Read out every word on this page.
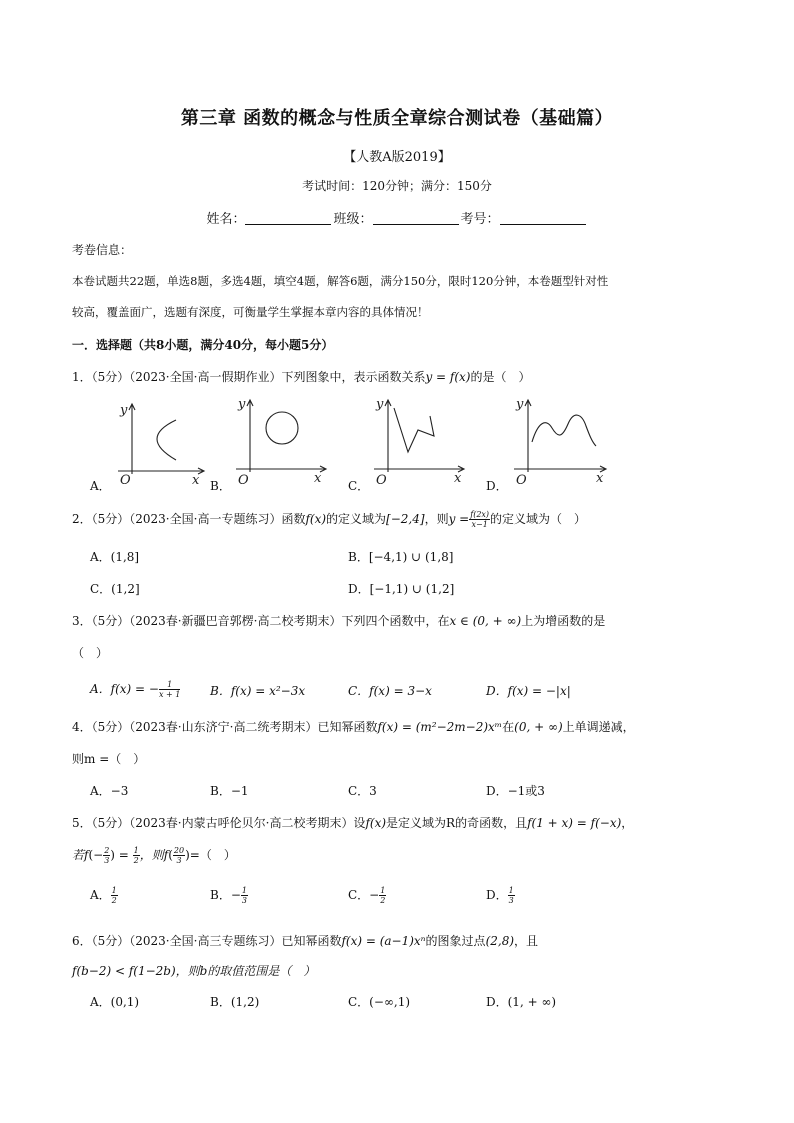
第三章 函数的概念与性质全章综合测试卷（基础篇）
【人教A版2019】
考试时间：120分钟；满分：150分
姓名：	班级：	考号：
考卷信息：
本卷试题共22题，单选8题，多选4题，填空4题，解答6题，满分150分，限时120分钟，本卷题型针对性
较高，覆盖面广，选题有深度，可衡量学生掌握本章内容的具体情况！
一．选择题（共8小题，满分40分，每小题5分）
1．（5分）（2023·全国·高一假期作业）下列图象中，表示函数关系y = f(x)的是（　）
y
x
O
y
x
O
y
x
O
y
x
O
A．	B．	C．	D．
2．（5分）（2023·全国·高一专题练习）函数f(x)的定义域为[−2,4]，则$y = \frac{f(2x)}{x-1}$ 的定义域为（　）
A．(1,8]	B．[−4,1) ∪ (1,8]
C．(1,2]	D．[−1,1) ∪ (1,2]
3．（5分）（2023春·新疆巴音郭楞·高二校考期末）下列四个函数中，在x ∈ (0, + ∞)上为增函数的是
（　）
A．f(x) = − $\frac{1}{x + 1}$ B．f(x) = x²−3x	C．f(x) = 3−x	D．f(x) = −|x|
4．（5分）（2023春·山东济宁·高二统考期末）已知幂函数f(x) = (m²−2m−2)xᵐ在(0, + ∞)上单调递减，
则m =（　）
A．−3	B．−1	C．3	D．−1或3
5．（5分）（2023春·内蒙古呼伦贝尔·高二校考期末）设f(x)是定义域为R的奇函数，且f(1 + x) = f(−x)，
若$f(- \frac{2}{3}$ ) = $\frac{1}{2}$ ，则$f( \frac{20}{3}$ )=（　）
A． $\frac{1}{2}$	B．− $\frac{1}{3}$	C．− $\frac{1}{2}$	D． $\frac{1}{3}$
6．（5分）（2023·全国·高三专题练习）已知幂函数f(x) = (a−1)xⁿ的图象过点(2,8)，且
f(b−2) < f(1−2b)，则b的取值范围是（　）
A．(0,1)	B．(1,2)	C．(−∞,1)	D．(1, + ∞)
